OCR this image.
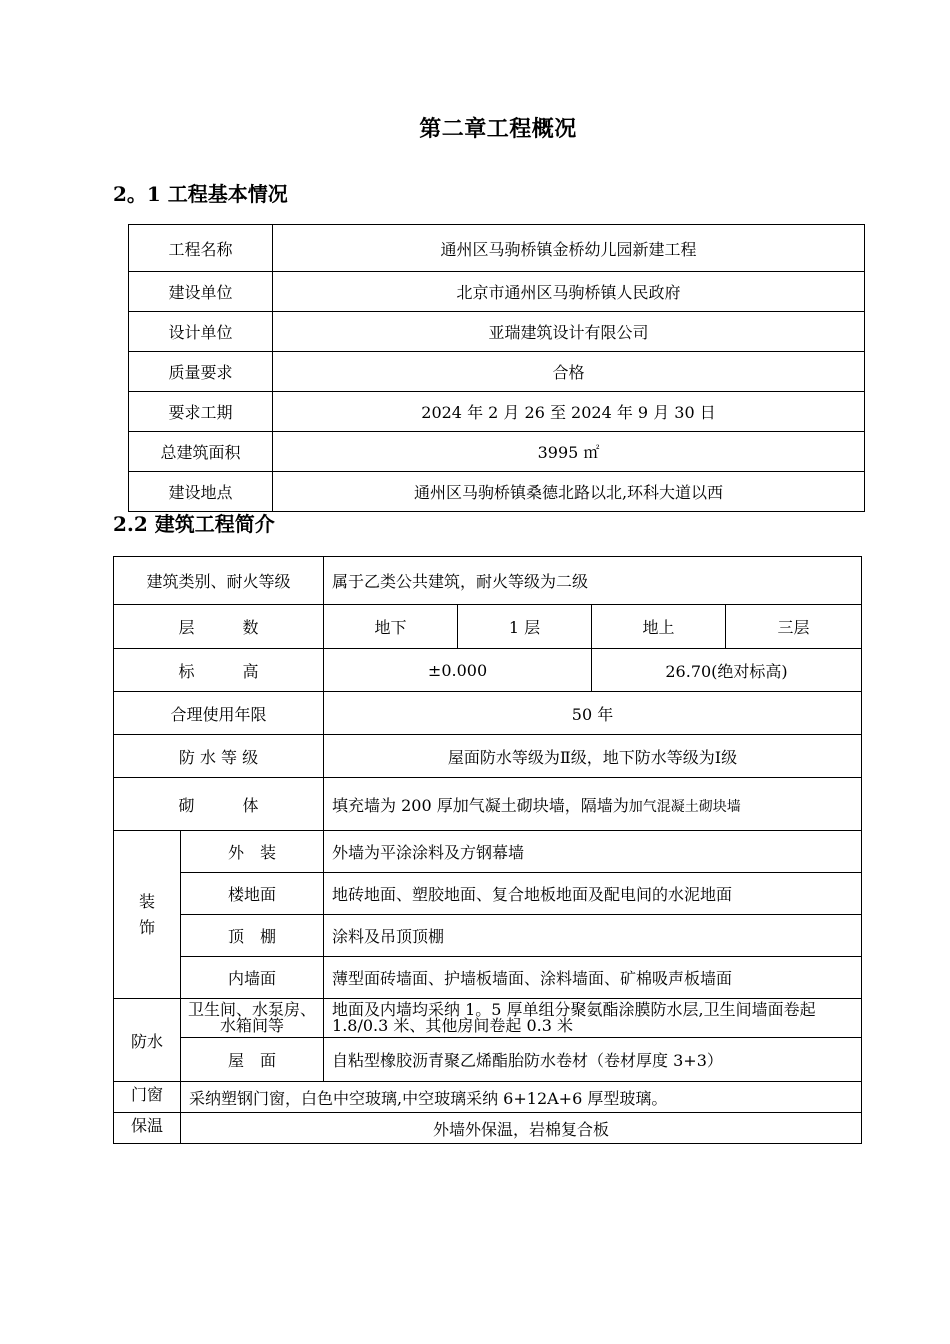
第二章工程概况
2。1 工程基本情况
工程名称	通州区马驹桥镇金桥幼儿园新建工程
建设单位	北京市通州区马驹桥镇人民政府
设计单位	亚瑞建筑设计有限公司
质量要求	合格
要求工期	2024 年 2 月 26 至 2024 年 9 月 30 日
总建筑面积	3995 ㎡
建设地点	通州区马驹桥镇桑德北路以北,环科大道以西
2.2 建筑工程简介
建筑类别、耐火等级		属于乙类公共建筑，耐火等级为二级			
层　　　数		地下	1 层	地上	三层
标　　　高		±0.000		26.70(绝对标高)	
合理使用年限		50 年			
防 水 等 级		屋面防水等级为Ⅱ级，地下防水等级为Ⅰ级			
砌　　　体		填充墙为 200 厚加气凝土砌块墙，隔墙为加气混凝土砌块墙			
装
饰	外　装	外墙为平涂涂料及方钢幕墙			
	楼地面	地砖地面、塑胶地面、复合地板地面及配电间的水泥地面			
	顶　棚	涂料及吊顶顶棚			
	内墙面	薄型面砖墙面、护墙板墙面、涂料墙面、矿棉吸声板墙面			
防水	卫生间、水泵房、水箱间等	地面及内墙均采纳 1。5 厚单组分聚氨酯涂膜防水层,卫生间墙面卷起 1.8/0.3 米、其他房间卷起 0.3 米			
	屋　面	自粘型橡胶沥青聚乙烯酯胎防水卷材（卷材厚度 3+3）			
门窗	采纳塑钢门窗，白色中空玻璃,中空玻璃采纳 6+12A+6 厚型玻璃。				
保温	外墙外保温，岩棉复合板				
